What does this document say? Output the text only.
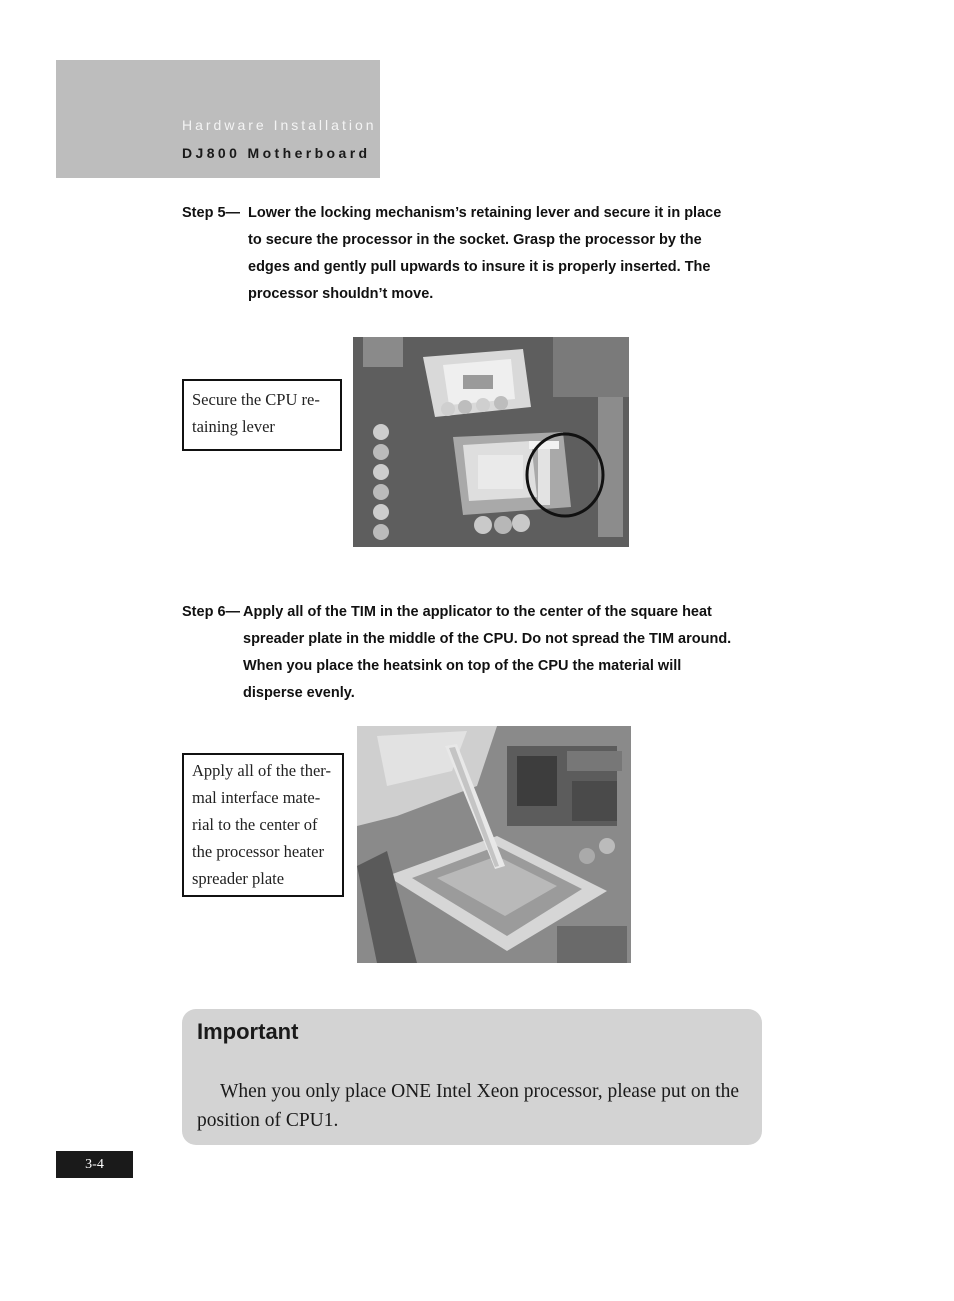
Hardware Installation
DJ800 Motherboard
Step 5— Lower the locking mechanism’s retaining lever and secure it in place
to secure the processor in the socket. Grasp the processor by the
edges and gently pull upwards to insure it is properly inserted. The
processor shouldn’t move.
Secure the CPU re-
taining lever
Step 6— Apply all of the TIM in the applicator to the center of the square heat
spreader plate in the middle of the CPU. Do not spread the TIM around.
When you place the heatsink on top of the CPU the material will
disperse evenly.
Apply all of the ther-
mal interface mate-
rial to the center of
the processor heater
spreader plate
Important
When you only place ONE Intel Xeon processor, please put on the position of CPU1.
3-4
